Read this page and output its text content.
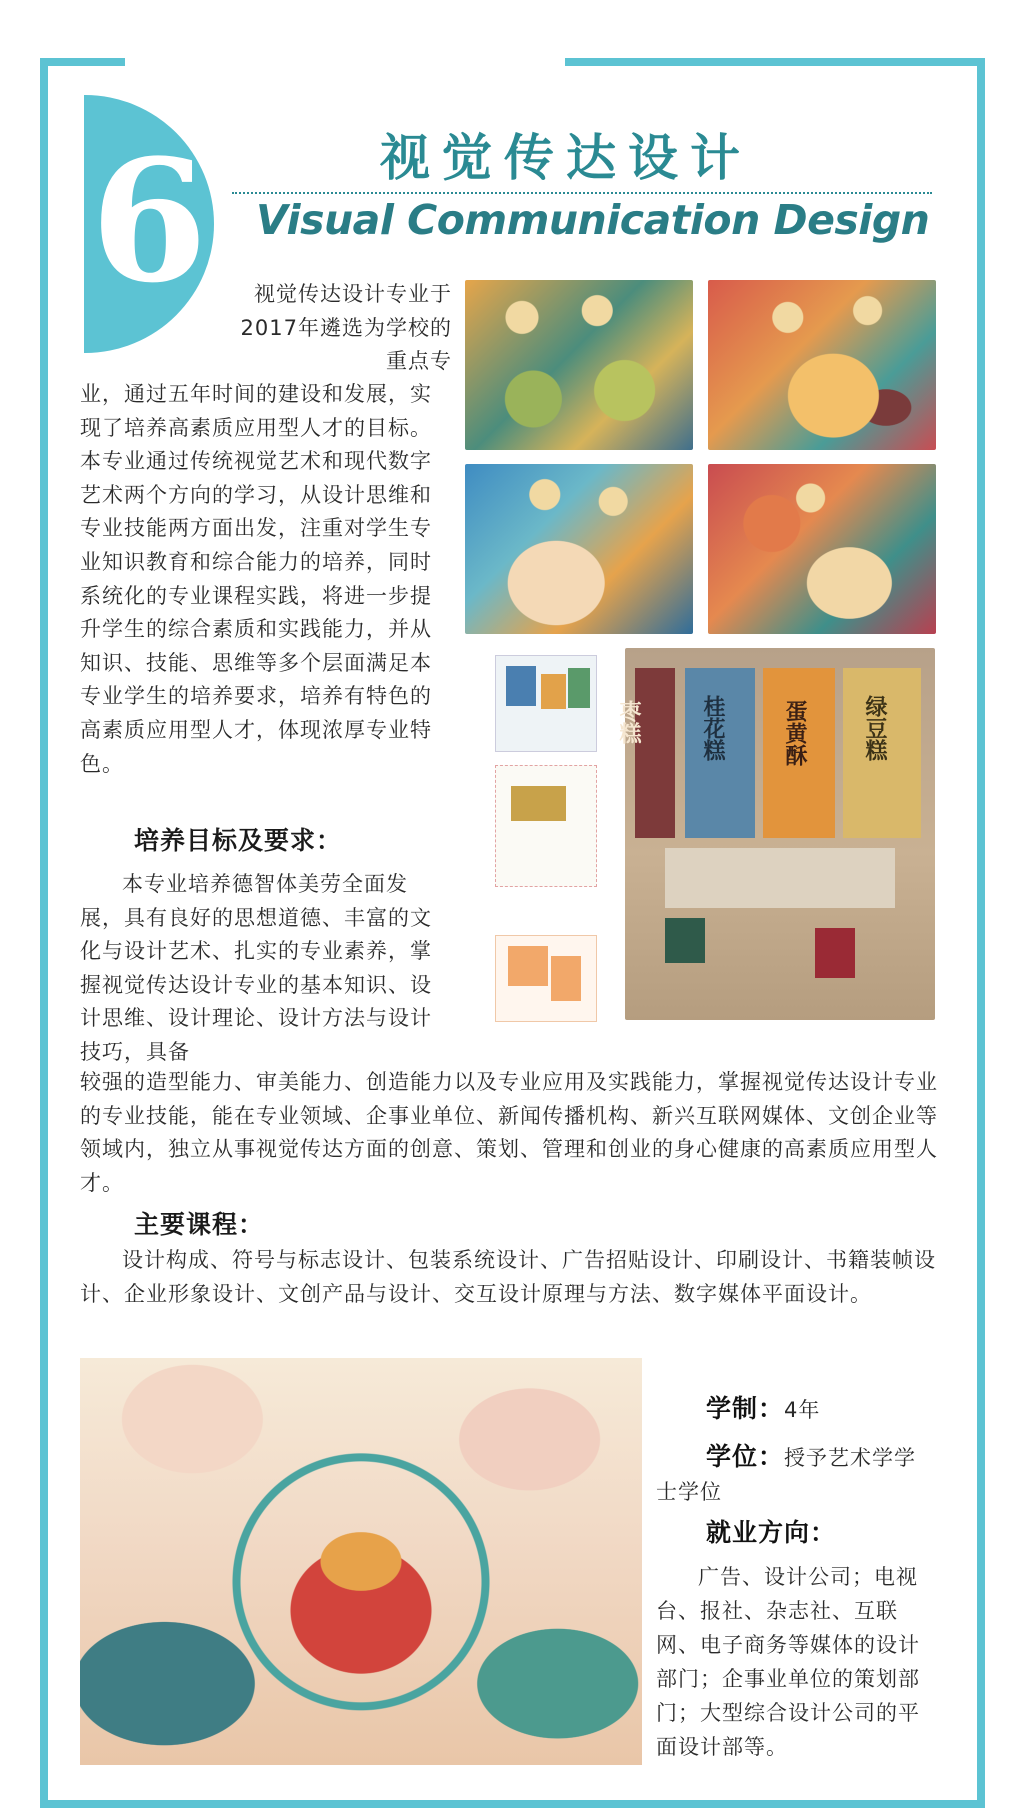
6	视觉传达设计
Visual Communication Design
视觉传达设计专业于2017年遴选为学校的重点专
业，通过五年时间的建设和发展，实现了培养高素质应用型人才的目标。本专业通过传统视觉艺术和现代数字艺术两个方向的学习，从设计思维和专业技能两方面出发，注重对学生专业知识教育和综合能力的培养，同时系统化的专业课程实践，将进一步提升学生的综合素质和实践能力，并从知识、技能、思维等多个层面满足本专业学生的培养要求，培养有特色的高素质应用型人才，体现浓厚专业特色。
枣糕	桂花糕	蛋黄酥 绿豆糕
培养目标及要求：
本专业培养德智体美劳全面发展，具有良好的思想道德、丰富的文化与设计艺术、扎实的专业素养，掌握视觉传达设计专业的基本知识、设计思维、设计理论、设计方法与设计技巧，具备
较强的造型能力、审美能力、创造能力以及专业应用及实践能力，掌握视觉传达设计专业的专业技能，能在专业领域、企事业单位、新闻传播机构、新兴互联网媒体、文创企业等领域内，独立从事视觉传达方面的创意、策划、管理和创业的身心健康的高素质应用型人才。
主要课程：
设计构成、符号与标志设计、包装系统设计、广告招贴设计、印刷设计、书籍装帧设计、企业形象设计、文创产品与设计、交互设计原理与方法、数字媒体平面设计。
学制：4年
学位：授予艺术学学士学位
就业方向：
广告、设计公司；电视台、报社、杂志社、互联网、电子商务等媒体的设计部门；企事业单位的策划部门；大型综合设计公司的平面设计部等。
